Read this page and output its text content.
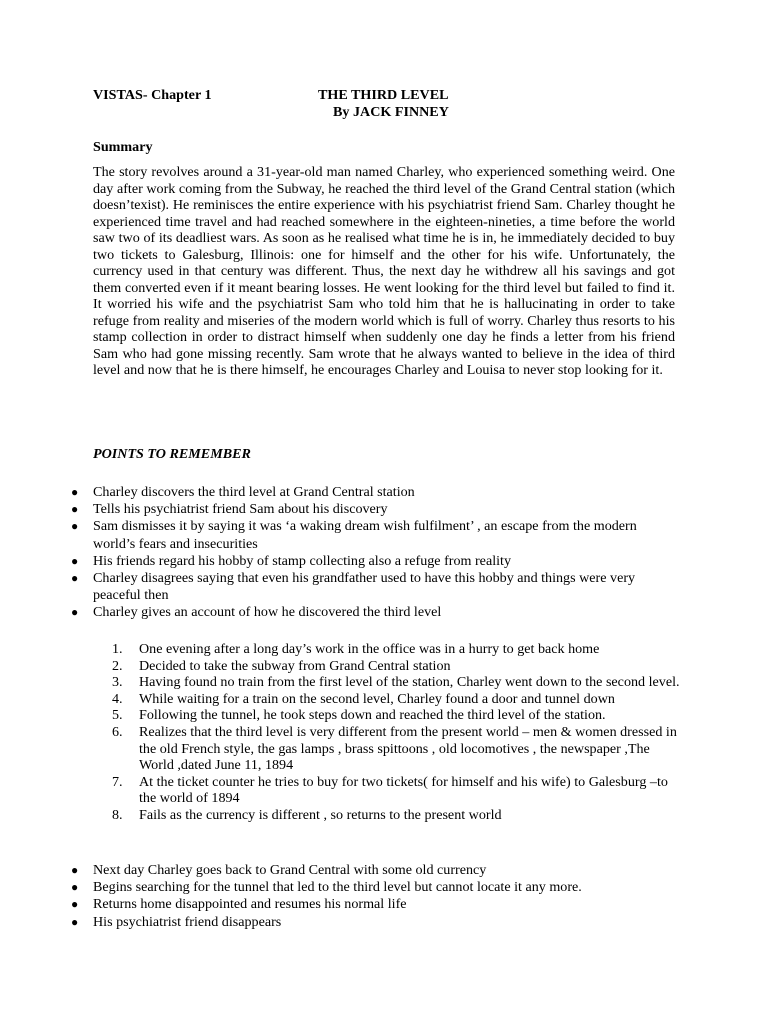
VISTAS- Chapter 1	THE THIRD LEVEL
By JACK FINNEY
Summary

The story revolves around a 31-year-old man named Charley, who experienced something weird. One day after work coming from the Subway, he reached the third level of the Grand Central station (which doesn’texist). He reminisces the entire experience with his psychiatrist friend Sam. Charley thought he experienced time travel and had reached somewhere in the eighteen-nineties, a time before the world saw two of its deadliest wars. As soon as he realised what time he is in, he immediately decided to buy two tickets to Galesburg, Illinois: one for himself and the other for his wife. Unfortunately, the currency used in that century was different. Thus, the next day he withdrew all his savings and got them converted even if it meant bearing losses. He went looking for the third level but failed to find it. It worried his wife and the psychiatrist Sam who told him that he is hallucinating in order to take refuge from reality and miseries of the modern world which is full of worry. Charley thus resorts to his stamp collection in order to distract himself when suddenly one day he finds a letter from his friend Sam who had gone missing recently. Sam wrote that he always wanted to believe in the idea of third level and now that he is there himself, he encourages Charley and Louisa to never stop looking for it.

POINTS TO REMEMBER
● Charley discovers the third level at Grand Central station
● Tells his psychiatrist friend Sam about his discovery
● Sam dismisses it by saying it was ‘a waking dream wish fulfilment’ , an escape from the modern world’s fears and insecurities
● His friends regard his hobby of stamp collecting also a refuge from reality
● Charley disagrees saying that even his grandfather used to have this hobby and things were very peaceful then
● Charley gives an account of how he discovered the third level
1. One evening after a long day’s work in the office was in a hurry to get back home
2. Decided to take the subway from Grand Central station
3. Having found no train from the first level of the station, Charley went down to the second level.
4. While waiting for a train on the second level, Charley found a door and tunnel down
5. Following the tunnel, he took steps down and reached the third level of the station.
6. Realizes that the third level is very different from the present world – men & women dressed in the old French style, the gas lamps , brass spittoons , old locomotives , the newspaper ,The World ,dated June 11, 1894
7. At the ticket counter he tries to buy for two tickets( for himself and his wife) to Galesburg –to the world of 1894
8. Fails as the currency is different , so returns to the present world
● Next day Charley goes back to Grand Central with some old currency
● Begins searching for the tunnel that led to the third level but cannot locate it any more.
● Returns home disappointed and resumes his normal life
● His psychiatrist friend disappears
